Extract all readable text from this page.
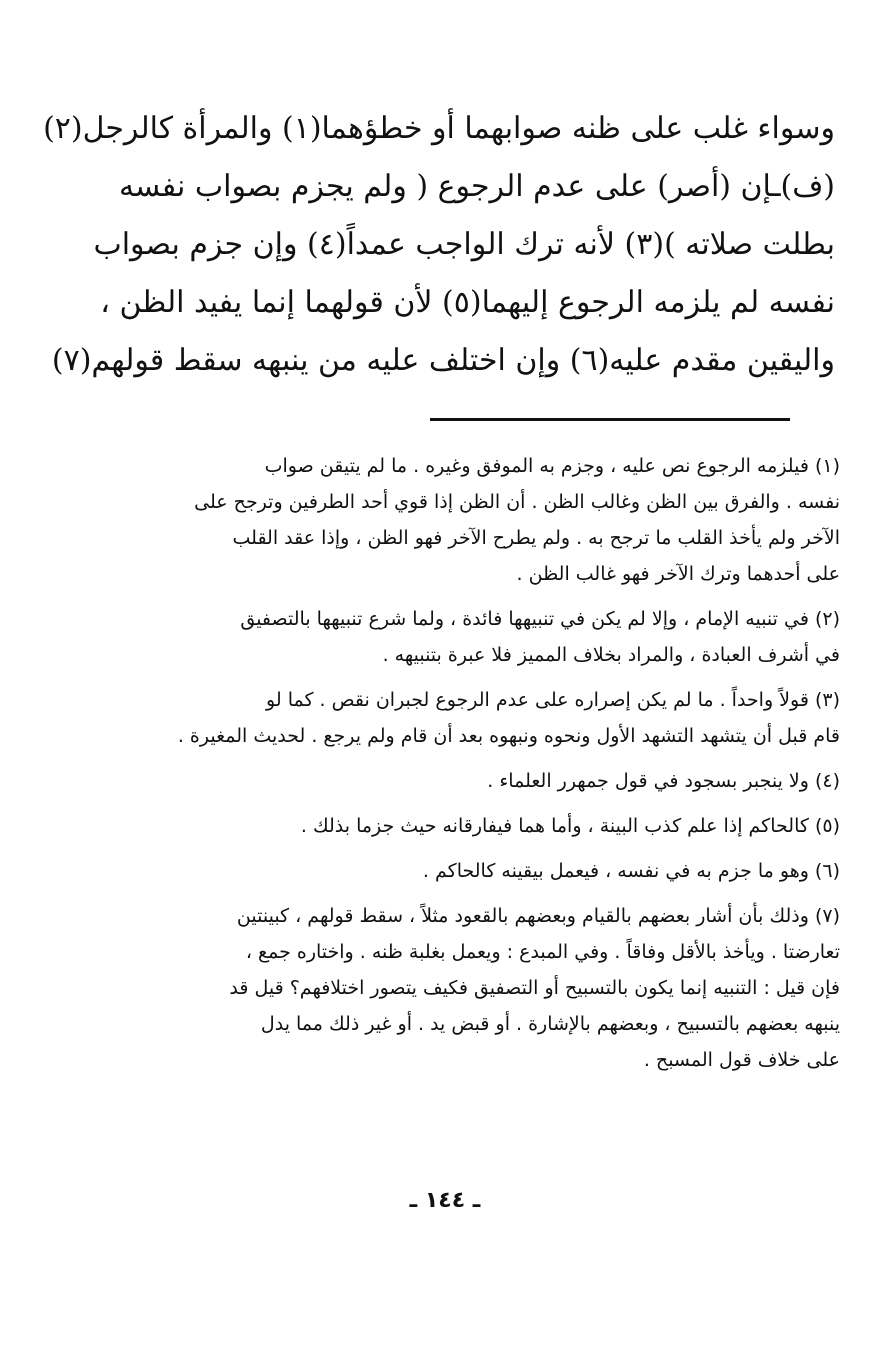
وسواء غلب على ظنه صوابهما أو خطؤهما(١) والمرأة كالرجل(٢)
(ف)ـإن (أصر) على عدم الرجوع ( ولم يجزم بصواب نفسه
بطلت صلاته )(٣) لأنه ترك الواجب عمداً(٤) وإن جزم بصواب
نفسه لم يلزمه الرجوع إليهما(٥) لأن قولهما إنما يفيد الظن ،
واليقين مقدم عليه(٦) وإن اختلف عليه من ينبهه سقط قولهم(٧)
(١) فيلزمه الرجوع نص عليه ، وجزم به الموفق وغيره . ما لم يتيقن صواب
نفسه . والفرق بين الظن وغالب الظن . أن الظن إذا قوي أحد الطرفين وترجح على
الآخر ولم يأخذ القلب ما ترجح به . ولم يطرح الآخر فهو الظن ، وإذا عقد القلب
على أحدهما وترك الآخر فهو غالب الظن .
(٢) في تنبيه الإمام ، وإلا لم يكن في تنبيهها فائدة ، ولما شرع تنبيهها بالتصفيق
في أشرف العبادة ، والمراد بخلاف المميز فلا عبرة بتنبيهه .
(٣) قولاً واحداً . ما لم يكن إصراره على عدم الرجوع لجبران نقص . كما لو
قام قبل أن يتشهد التشهد الأول ونحوه ونبهوه بعد أن قام ولم يرجع . لحديث المغيرة .
(٤) ولا ينجبر بسجود في قول جمهرر العلماء .
(٥) كالحاكم إذا علم كذب البينة ، وأما هما فيفارقانه حيث جزما بذلك .
(٦) وهو ما جزم به في نفسه ، فيعمل بيقينه كالحاكم .
(٧) وذلك بأن أشار بعضهم بالقيام وبعضهم بالقعود مثلاً ، سقط قولهم ، كبينتين
تعارضتا . ويأخذ بالأقل وفاقاً . وفي المبدع : ويعمل بغلبة ظنه . واختاره جمع ،
فإن قيل : التنبيه إنما يكون بالتسبيح أو التصفيق فكيف يتصور اختلافهم؟ قيل قد
ينبهه بعضهم بالتسبيح ، وبعضهم بالإشارة . أو قبض يد . أو غير ذلك مما يدل
على خلاف قول المسبح .
ـ ١٤٤ ـ
